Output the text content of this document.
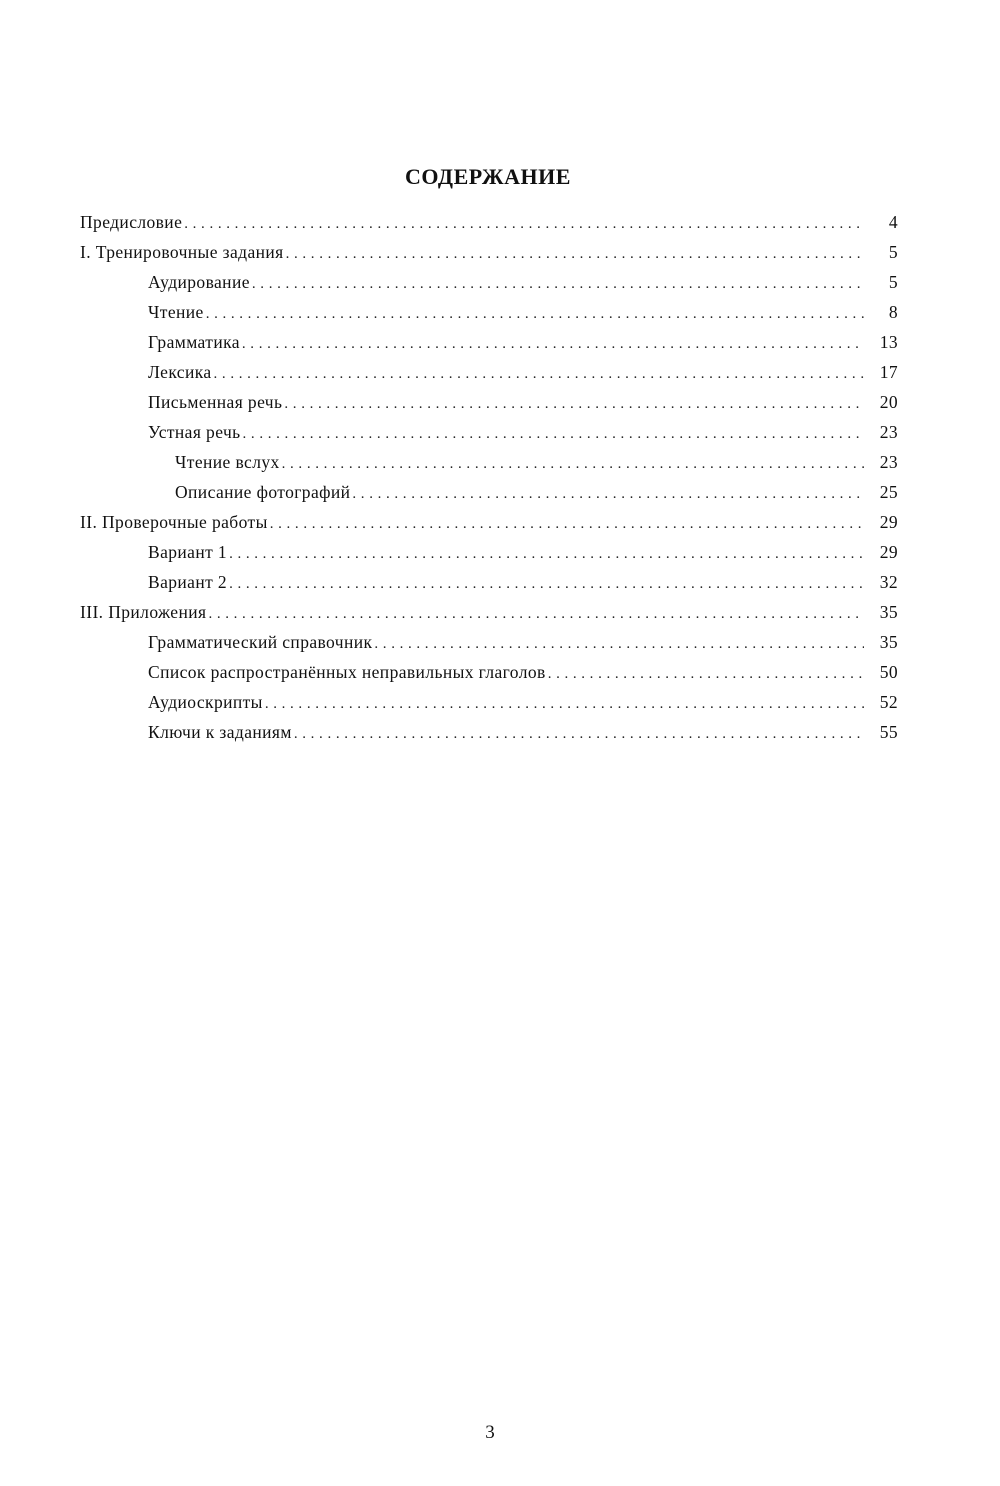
СОДЕРЖАНИЕ
Предисловие . . .	4
I. Тренировочные задания . . .	5
Аудирование . . .	5
Чтение . . .	8
Грамматика . . .	13
Лексика . . .	17
Письменная речь . . .	20
Устная речь . . .	23
Чтение вслух . . .	23
Описание фотографий . . .	25
II. Проверочные работы . . .	29
Вариант 1 . . .	29
Вариант 2 . . .	32
III. Приложения . . .	35
Грамматический справочник . . .	35
Список распространённых неправильных глаголов . . .	50
Аудиоскрипты . . .	52
Ключи к заданиям . . .	55
3
